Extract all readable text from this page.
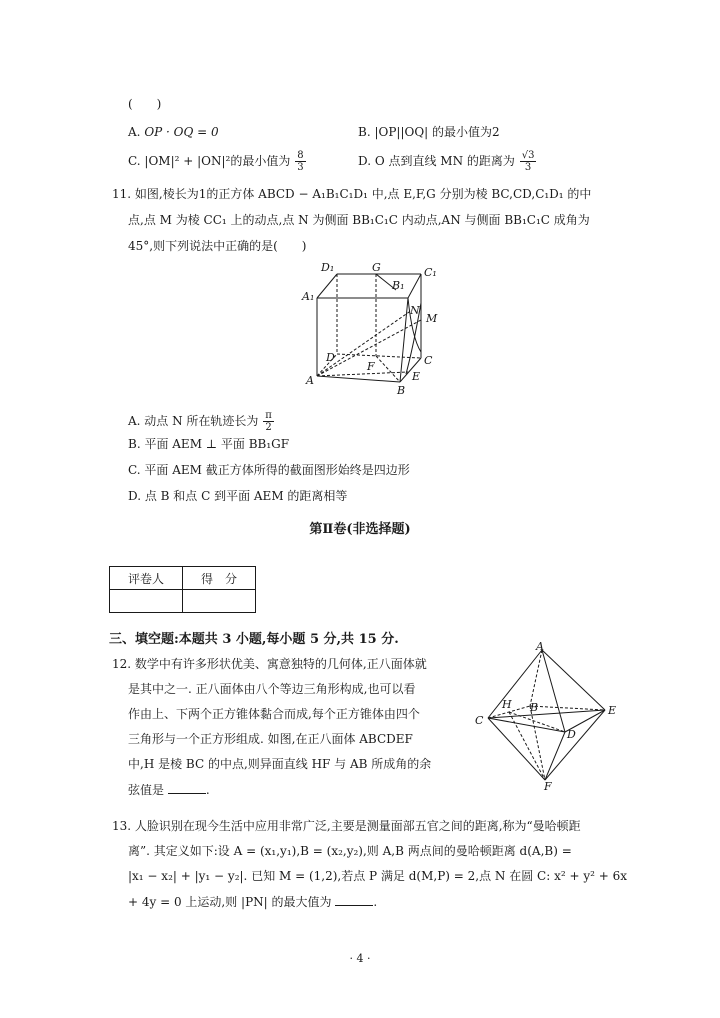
(　　)
A. OP · OQ = 0	B. |OP||OQ| 的最小值为2
C. |OM|² + |ON|²的最小值为 $\frac{8}{3}$	D. O 点到直线 MN 的距离为 $\frac{√3}{3}$
11. 如图,棱长为1的正方体 ABCD − A₁B₁C₁D₁ 中,点 E,F,G 分别为棱 BC,CD,C₁D₁ 的中
点,点 M 为棱 CC₁ 上的动点,点 N 为侧面 BB₁C₁C 内动点,AN 与侧面 BB₁C₁C 成角为
45°,则下列说法中正确的是(　　)
D₁	G	C₁
B₁
A₁
N
M
D
F	C
E
A
B
A. 动点 N 所在轨迹长为 $\frac{\pi}{2}$
B. 平面 AEM ⊥ 平面 BB₁GF
C. 平面 AEM 截正方体所得的截面图形始终是四边形
D. 点 B 和点 C 到平面 AEM 的距离相等
第Ⅱ卷(非选择题)
评卷人	得　分

三、填空题:本题共 3 小题,每小题 5 分,共 15 分.
12. 数学中有许多形状优美、寓意独特的几何体,正八面体就
是其中之一. 正八面体由八个等边三角形构成,也可以看
作由上、下两个正方锥体黏合而成,每个正方锥体由四个
三角形与一个正方形组成. 如图,在正八面体 ABCDEF
中,H 是棱 BC 的中点,则异面直线 HF 与 AB 所成角的余
弦值是	.
A
H B
C
E
D
F
13. 人脸识别在现今生活中应用非常广泛,主要是测量面部五官之间的距离,称为“曼哈顿距
离”. 其定义如下:设 A = (x₁,y₁),B = (x₂,y₂),则 A,B 两点间的曼哈顿距离 d(A,B) =
|x₁ − x₂| + |y₁ − y₂|. 已知 M = (1,2),若点 P 满足 d(M,P) = 2,点 N 在圆 C: x² + y² + 6x
+ 4y = 0 上运动,则 |PN| 的最大值为	.
· 4 ·
